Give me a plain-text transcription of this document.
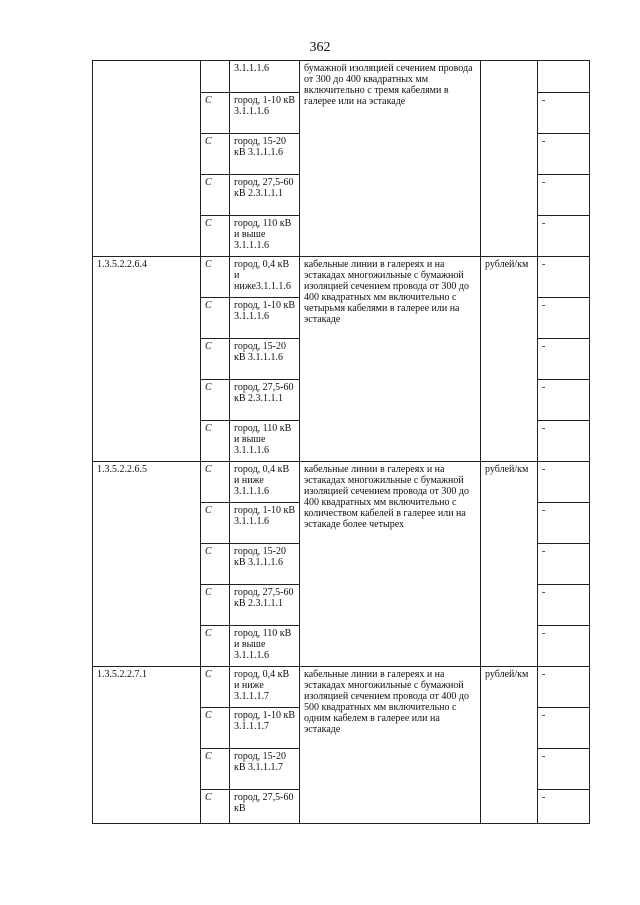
362
		3.1.1.1.6	бумажной изоляцией сечением провода от 300 до 400 квадратных мм включительно с тремя кабелями в галерее или на эстакаде		
	С	город, 1-10 кВ 3.1.1.1.6			-
	С	город, 15-20 кВ 3.1.1.1.6			-
	С	город, 27,5-60 кВ 2.3.1.1.1			-
	С	город, 110 кВ и выше 3.1.1.1.6			-
1.3.5.2.2.6.4	С	город, 0,4 кВ и ниже3.1.1.1.6	кабельные линии в галереях и на эстакадах многожильные с бумажной изоляцией сечением провода от 300 до 400 квадратных мм включительно с четырьмя кабелями в галерее или на эстакаде	рублей/км	-
	С	город, 1-10 кВ 3.1.1.1.6			-
	С	город, 15-20 кВ 3.1.1.1.6			-
	С	город, 27,5-60 кВ 2.3.1.1.1			-
	С	город, 110 кВ и выше 3.1.1.1.6			-
1.3.5.2.2.6.5	С	город, 0,4 кВ и ниже 3.1.1.1.6	кабельные линии в галереях и на эстакадах многожильные с бумажной изоляцией сечением провода от 300 до 400 квадратных мм включительно с количеством кабелей в галерее или на эстакаде более четырех	рублей/км	-
	С	город, 1-10 кВ 3.1.1.1.6			-
	С	город, 15-20 кВ 3.1.1.1.6			-
	С	город, 27,5-60 кВ 2.3.1.1.1			-
	С	город, 110 кВ и выше 3.1.1.1.6			-
1.3.5.2.2.7.1	С	город, 0,4 кВ и ниже 3.1.1.1.7	кабельные линии в галереях и на эстакадах многожильные с бумажной изоляцией сечением провода от 400 до 500 квадратных мм включительно с одним кабелем в галерее или на эстакаде	рублей/км	-
	С	город, 1-10 кВ 3.1.1.1.7			-
	С	город, 15-20 кВ 3.1.1.1.7			-
	С	город, 27,5-60 кВ			-
